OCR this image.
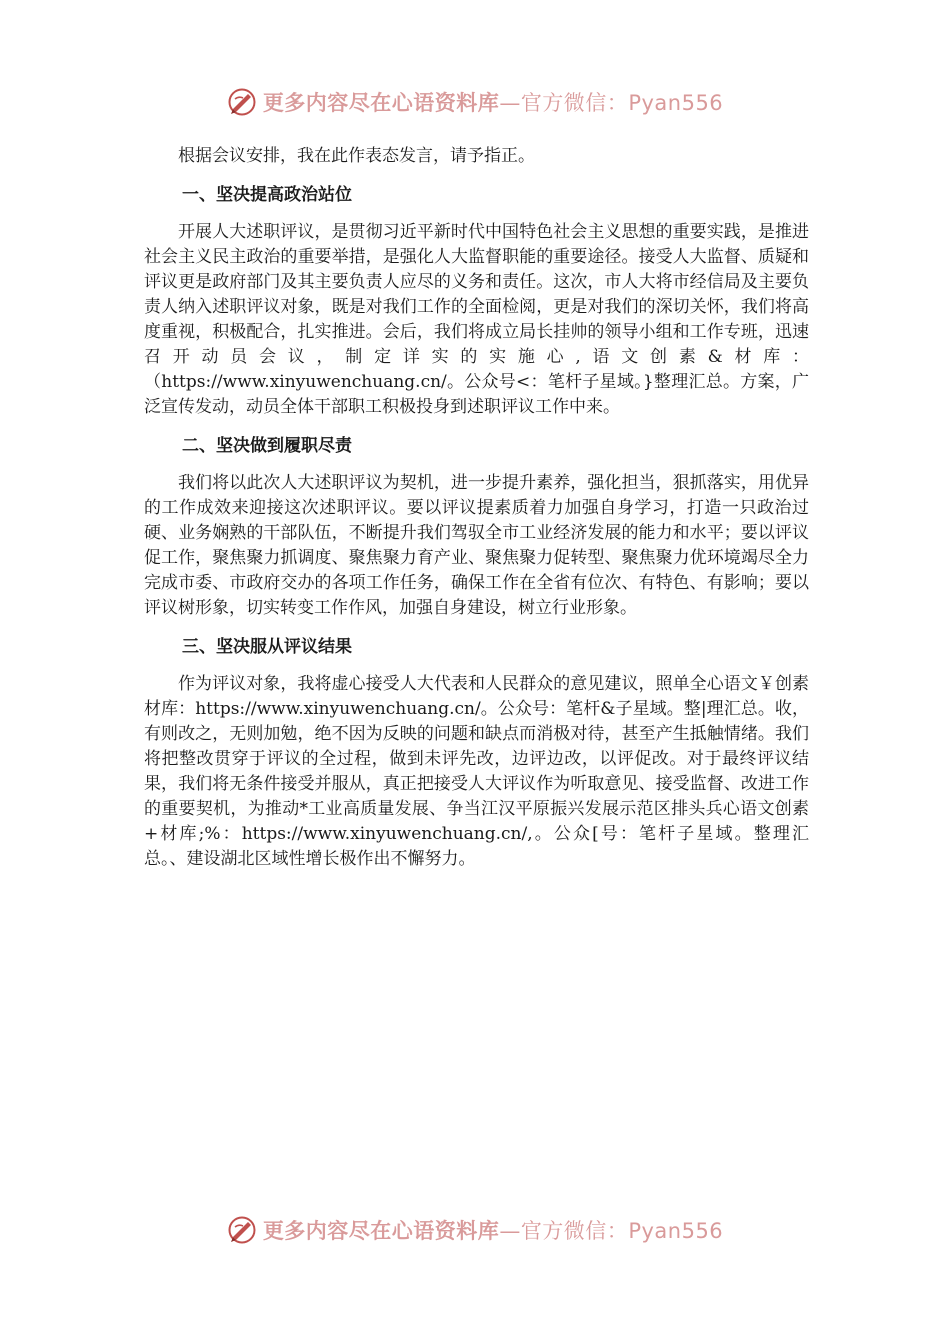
更多内容尽在心语资料库—官方微信：Pyan556

根据会议安排，我在此作表态发言，请予指正。

一、坚决提高政治站位

开展人大述职评议，是贯彻习近平新时代中国特色社会主义思想的重要实践，是推进社会主义民主政治的重要举措，是强化人大监督职能的重要途径。接受人大监督、质疑和评议更是政府部门及其主要负责人应尽的义务和责任。这次，市人大将市经信局及主要负责人纳入述职评议对象，既是对我们工作的全面检阅，更是对我们的深切关怀，我们将高度重视，积极配合，扎实推进。会后，我们将成立局长挂帅的领导小组和工作专班，迅速召开动员会议，制定详实的实施心,语文创素&材库：（https://www.xinyuwenchuang.cn/。公众号<：笔杆子星域。}整理汇总。方案，广泛宣传发动，动员全体干部职工积极投身到述职评议工作中来。

二、坚决做到履职尽责

我们将以此次人大述职评议为契机，进一步提升素养，强化担当，狠抓落实，用优异的工作成效来迎接这次述职评议。要以评议提素质着力加强自身学习，打造一只政治过硬、业务娴熟的干部队伍，不断提升我们驾驭全市工业经济发展的能力和水平；要以评议促工作，聚焦聚力抓调度、聚焦聚力育产业、聚焦聚力促转型、聚焦聚力优环境竭尽全力完成市委、市政府交办的各项工作任务，确保工作在全省有位次、有特色、有影响；要以评议树形象，切实转变工作作风，加强自身建设，树立行业形象。

三、坚决服从评议结果

作为评议对象，我将虚心接受人大代表和人民群众的意见建议，照单全心语文￥创素材库：https://www.xinyuwenchuang.cn/。公众号：笔杆&子星域。整|理汇总。收，有则改之，无则加勉，绝不因为反映的问题和缺点而消极对待，甚至产生抵触情绪。我们将把整改贯穿于评议的全过程，做到未评先改，边评边改，以评促改。对于最终评议结果，我们将无条件接受并服从，真正把接受人大评议作为听取意见、接受监督、改进工作的重要契机，为推动*工业高质量发展、争当江汉平原振兴发展示范区排头兵心语文创素+材库;%：https://www.xinyuwenchuang.cn/,。公众[号：笔杆子星域。整理汇总。、建设湖北区域性增长极作出不懈努力。

更多内容尽在心语资料库—官方微信：Pyan556
